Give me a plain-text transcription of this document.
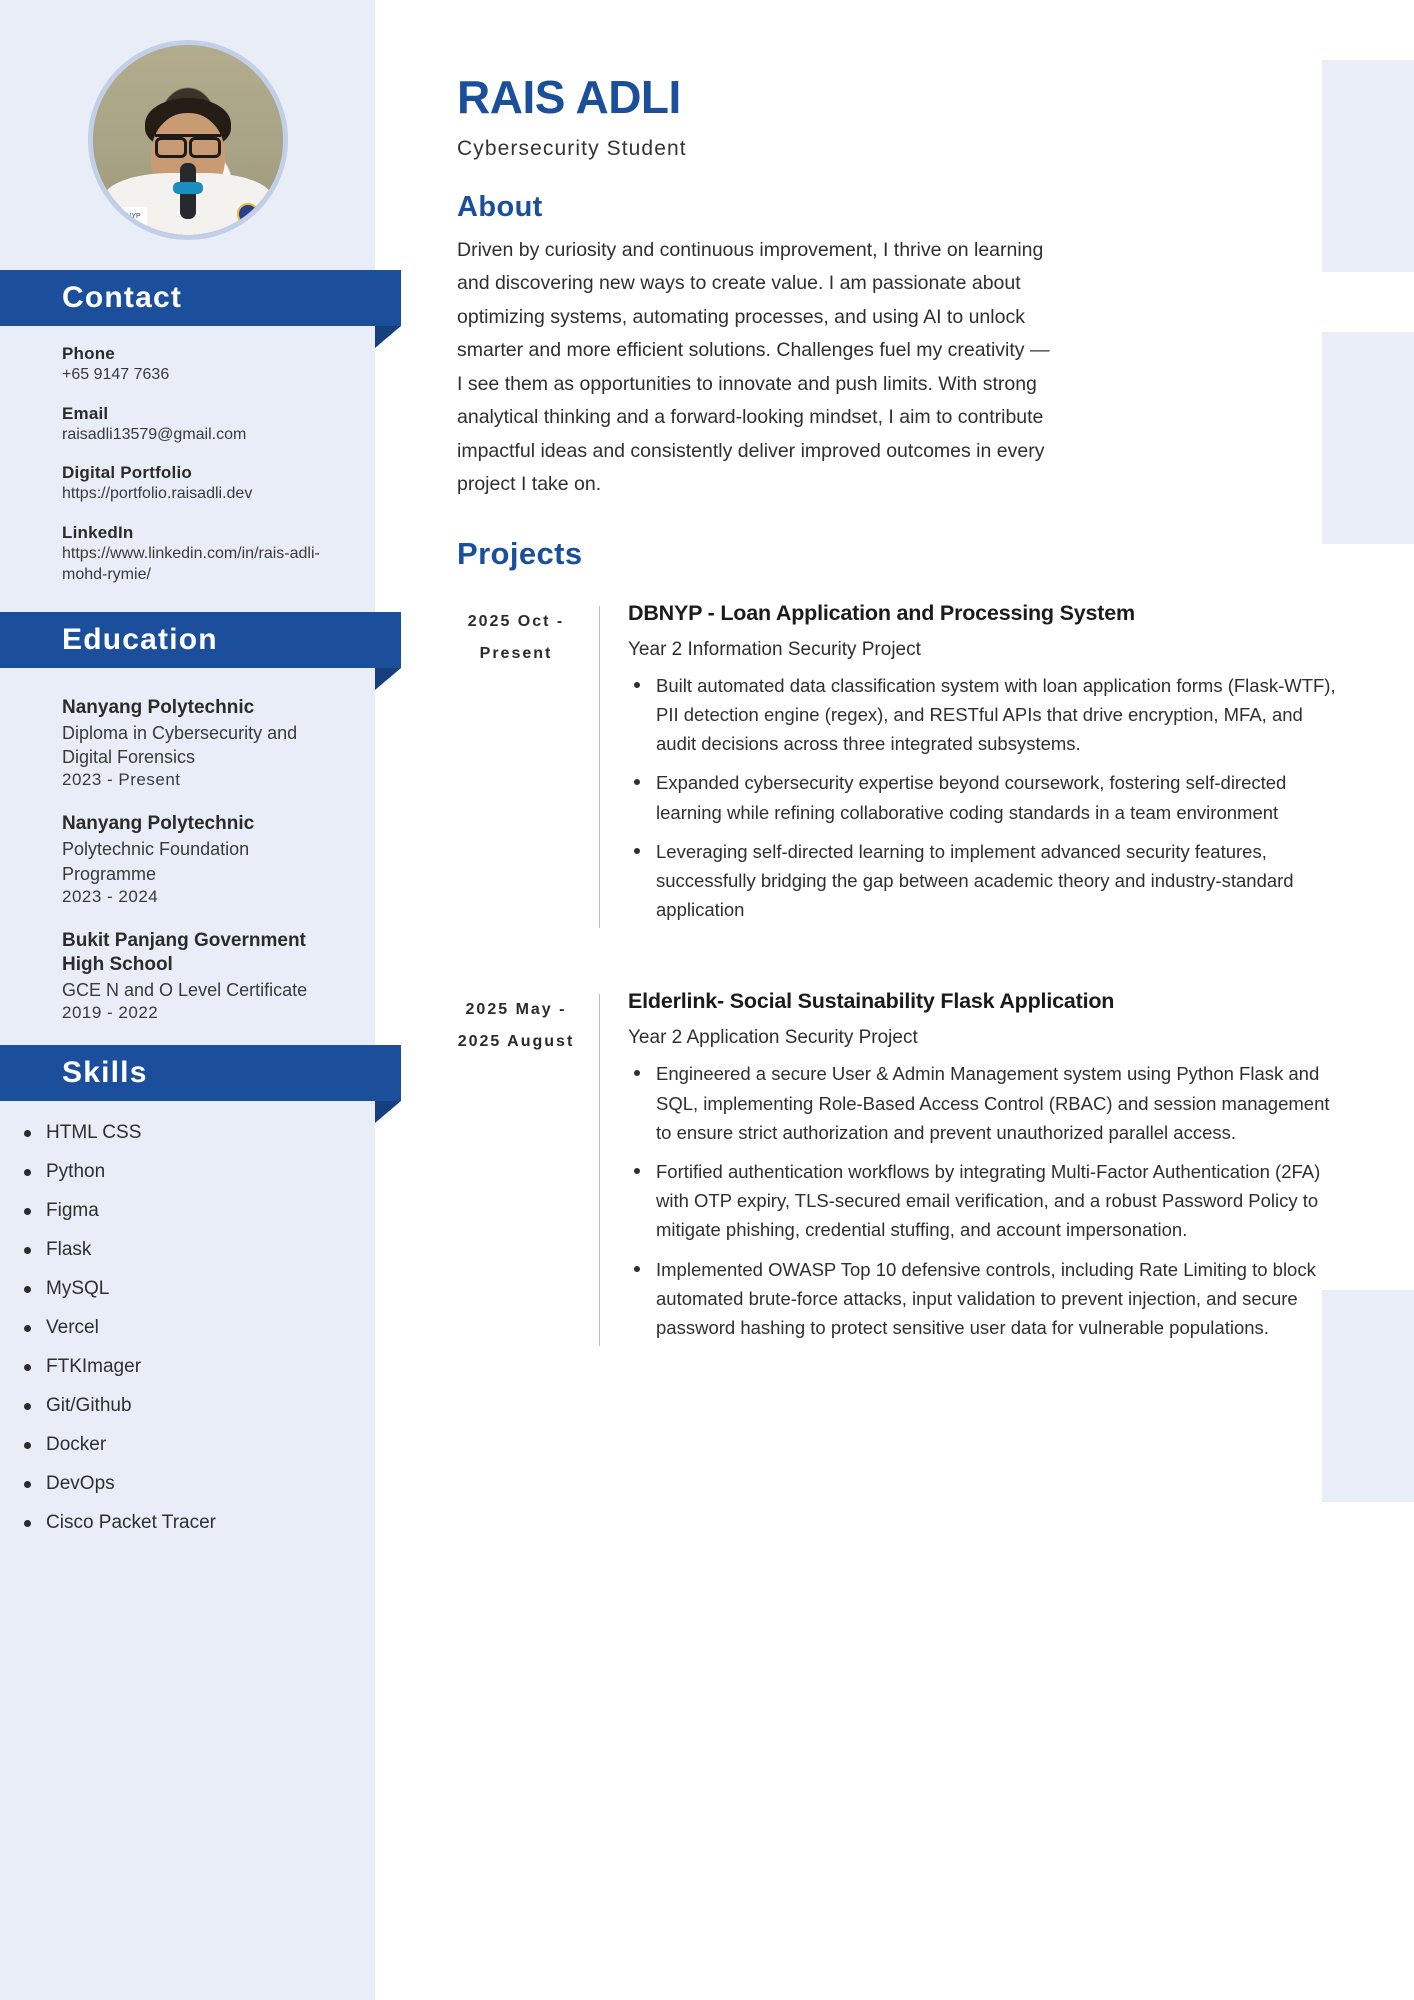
NYP
Contact
Phone
+65 9147 7636
Email
raisadli13579@gmail.com
Digital Portfolio
https://portfolio.raisadli.dev
LinkedIn
https://www.linkedin.com/in/rais-adli-mohd-rymie/
Education
Nanyang Polytechnic
Diploma in Cybersecurity and Digital Forensics
2023 - Present
Nanyang Polytechnic
Polytechnic Foundation Programme
2023 - 2024
Bukit Panjang Government High School
GCE N and O Level Certificate
2019 - 2022
Skills
HTML CSS
Python
Figma
Flask
MySQL
Vercel
FTKImager
Git/Github
Docker
DevOps
Cisco Packet Tracer
RAIS ADLI
Cybersecurity Student
About

Driven by curiosity and continuous improvement, I thrive on learning and discovering new ways to create value. I am passionate about optimizing systems, automating processes, and using AI to unlock smarter and more efficient solutions. Challenges fuel my creativity — I see them as opportunities to innovate and push limits. With strong analytical thinking and a forward-looking mindset, I aim to contribute impactful ideas and consistently deliver improved outcomes in every project I take on.

Projects
2025 Oct - Present
DBNYP - Loan Application and Processing System
Year 2 Information Security Project
Built automated data classification system with loan application forms (Flask-WTF), PII detection engine (regex), and RESTful APIs that drive encryption, MFA, and audit decisions across three integrated subsystems.
Expanded cybersecurity expertise beyond coursework, fostering self-directed learning while refining collaborative coding standards in a team environment
Leveraging self-directed learning to implement advanced security features, successfully bridging the gap between academic theory and industry-standard application
2025 May - 2025 August
Elderlink- Social Sustainability Flask Application
Year 2 Application Security Project
Engineered a secure User & Admin Management system using Python Flask and SQL, implementing Role-Based Access Control (RBAC) and session management to ensure strict authorization and prevent unauthorized parallel access.
Fortified authentication workflows by integrating Multi-Factor Authentication (2FA) with OTP expiry, TLS-secured email verification, and a robust Password Policy to mitigate phishing, credential stuffing, and account impersonation.
Implemented OWASP Top 10 defensive controls, including Rate Limiting to block automated brute-force attacks, input validation to prevent injection, and secure password hashing to protect sensitive user data for vulnerable populations.
